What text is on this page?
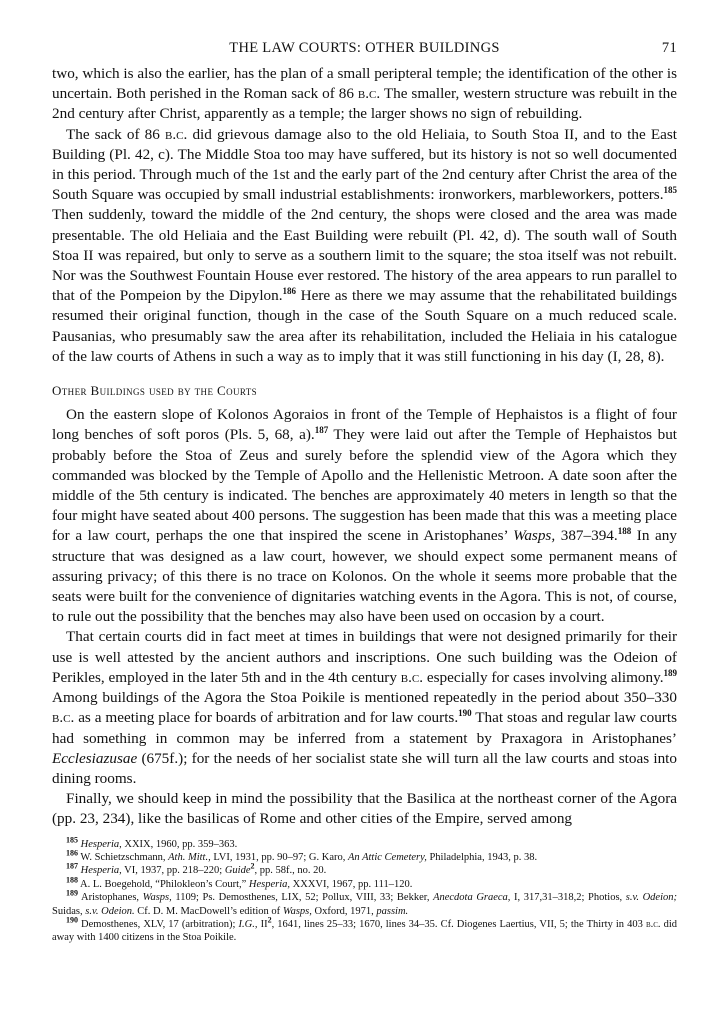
THE LAW COURTS: OTHER BUILDINGS	71

two, which is also the earlier, has the plan of a small peripteral temple; the identification of the other is uncertain. Both perished in the Roman sack of 86 b.c. The smaller, western structure was rebuilt in the 2nd century after Christ, apparently as a temple; the larger shows no sign of rebuilding.

The sack of 86 b.c. did grievous damage also to the old Heliaia, to South Stoa II, and to the East Building (Pl. 42, c). The Middle Stoa too may have suffered, but its history is not so well documented in this period. Through much of the 1st and the early part of the 2nd century after Christ the area of the South Square was occupied by small industrial establishments: ironworkers, marbleworkers, potters.$^{185}$ Then suddenly, toward the middle of the 2nd century, the shops were closed and the area was made presentable. The old Heliaia and the East Building were rebuilt (Pl. 42, d). The south wall of South Stoa II was repaired, but only to serve as a southern limit to the square; the stoa itself was not rebuilt. Nor was the Southwest Fountain House ever restored. The history of the area appears to run parallel to that of the Pompeion by the Dipylon.$^{186}$ Here as there we may assume that the rehabilitated buildings resumed their original function, though in the case of the South Square on a much reduced scale. Pausanias, who presumably saw the area after its rehabilitation, included the Heliaia in his catalogue of the law courts of Athens in such a way as to imply that it was still functioning in his day (I, 28, 8).

Other Buildings used by the Courts

On the eastern slope of Kolonos Agoraios in front of the Temple of Hephaistos is a flight of four long benches of soft poros (Pls. 5, 68, a).$^{187}$ They were laid out after the Temple of Hephaistos but probably before the Stoa of Zeus and surely before the splendid view of the Agora which they commanded was blocked by the Temple of Apollo and the Hellenistic Metroon. A date soon after the middle of the 5th century is indicated. The benches are approximately 40 meters in length so that the four might have seated about 400 persons. The suggestion has been made that this was a meeting place for a law court, perhaps the one that inspired the scene in Aristophanes’ Wasps, 387–394.$^{188}$ In any structure that was designed as a law court, however, we should expect some permanent means of assuring privacy; of this there is no trace on Kolonos. On the whole it seems more probable that the seats were built for the convenience of dignitaries watching events in the Agora. This is not, of course, to rule out the possibility that the benches may also have been used on occasion by a court.

That certain courts did in fact meet at times in buildings that were not designed primarily for their use is well attested by the ancient authors and inscriptions. One such building was the Odeion of Perikles, employed in the later 5th and in the 4th century b.c. especially for cases involving alimony.$^{189}$ Among buildings of the Agora the Stoa Poikile is mentioned repeatedly in the period about 350–330 b.c. as a meeting place for boards of arbitration and for law courts.$^{190}$ That stoas and regular law courts had something in common may be inferred from a statement by Praxagora in Aristophanes’ Ecclesiazusae (675f.); for the needs of her socialist state she will turn all the law courts and stoas into dining rooms.

Finally, we should keep in mind the possibility that the Basilica at the northeast corner of the Agora (pp. 23, 234), like the basilicas of Rome and other cities of the Empire, served among

$^{185}$ Hesperia, XXIX, 1960, pp. 359–363.

$^{186}$ W. Schietzschmann, Ath. Mitt., LVI, 1931, pp. 90–97; G. Karo, An Attic Cemetery, Philadelphia, 1943, p. 38.

$^{187}$ Hesperia, VI, 1937, pp. 218–220; Guide$^2$, pp. 58f., no. 20.

$^{188}$ A. L. Boegehold, “Philokleon’s Court,” Hesperia, XXXVI, 1967, pp. 111–120.

$^{189}$ Aristophanes, Wasps, 1109; Ps. Demosthenes, LIX, 52; Pollux, VIII, 33; Bekker, Anecdota Graeca, I, 317,31–318,2; Photios, s.v. Odeion; Suidas, s.v. Odeion. Cf. D. M. MacDowell’s edition of Wasps, Oxford, 1971, passim.

$^{190}$ Demosthenes, XLV, 17 (arbitration); I.G., $II^2$, 1641, lines 25–33; 1670, lines 34–35. Cf. Diogenes Laertius, VII, 5; the Thirty in 403 b.c. did away with 1400 citizens in the Stoa Poikile.
